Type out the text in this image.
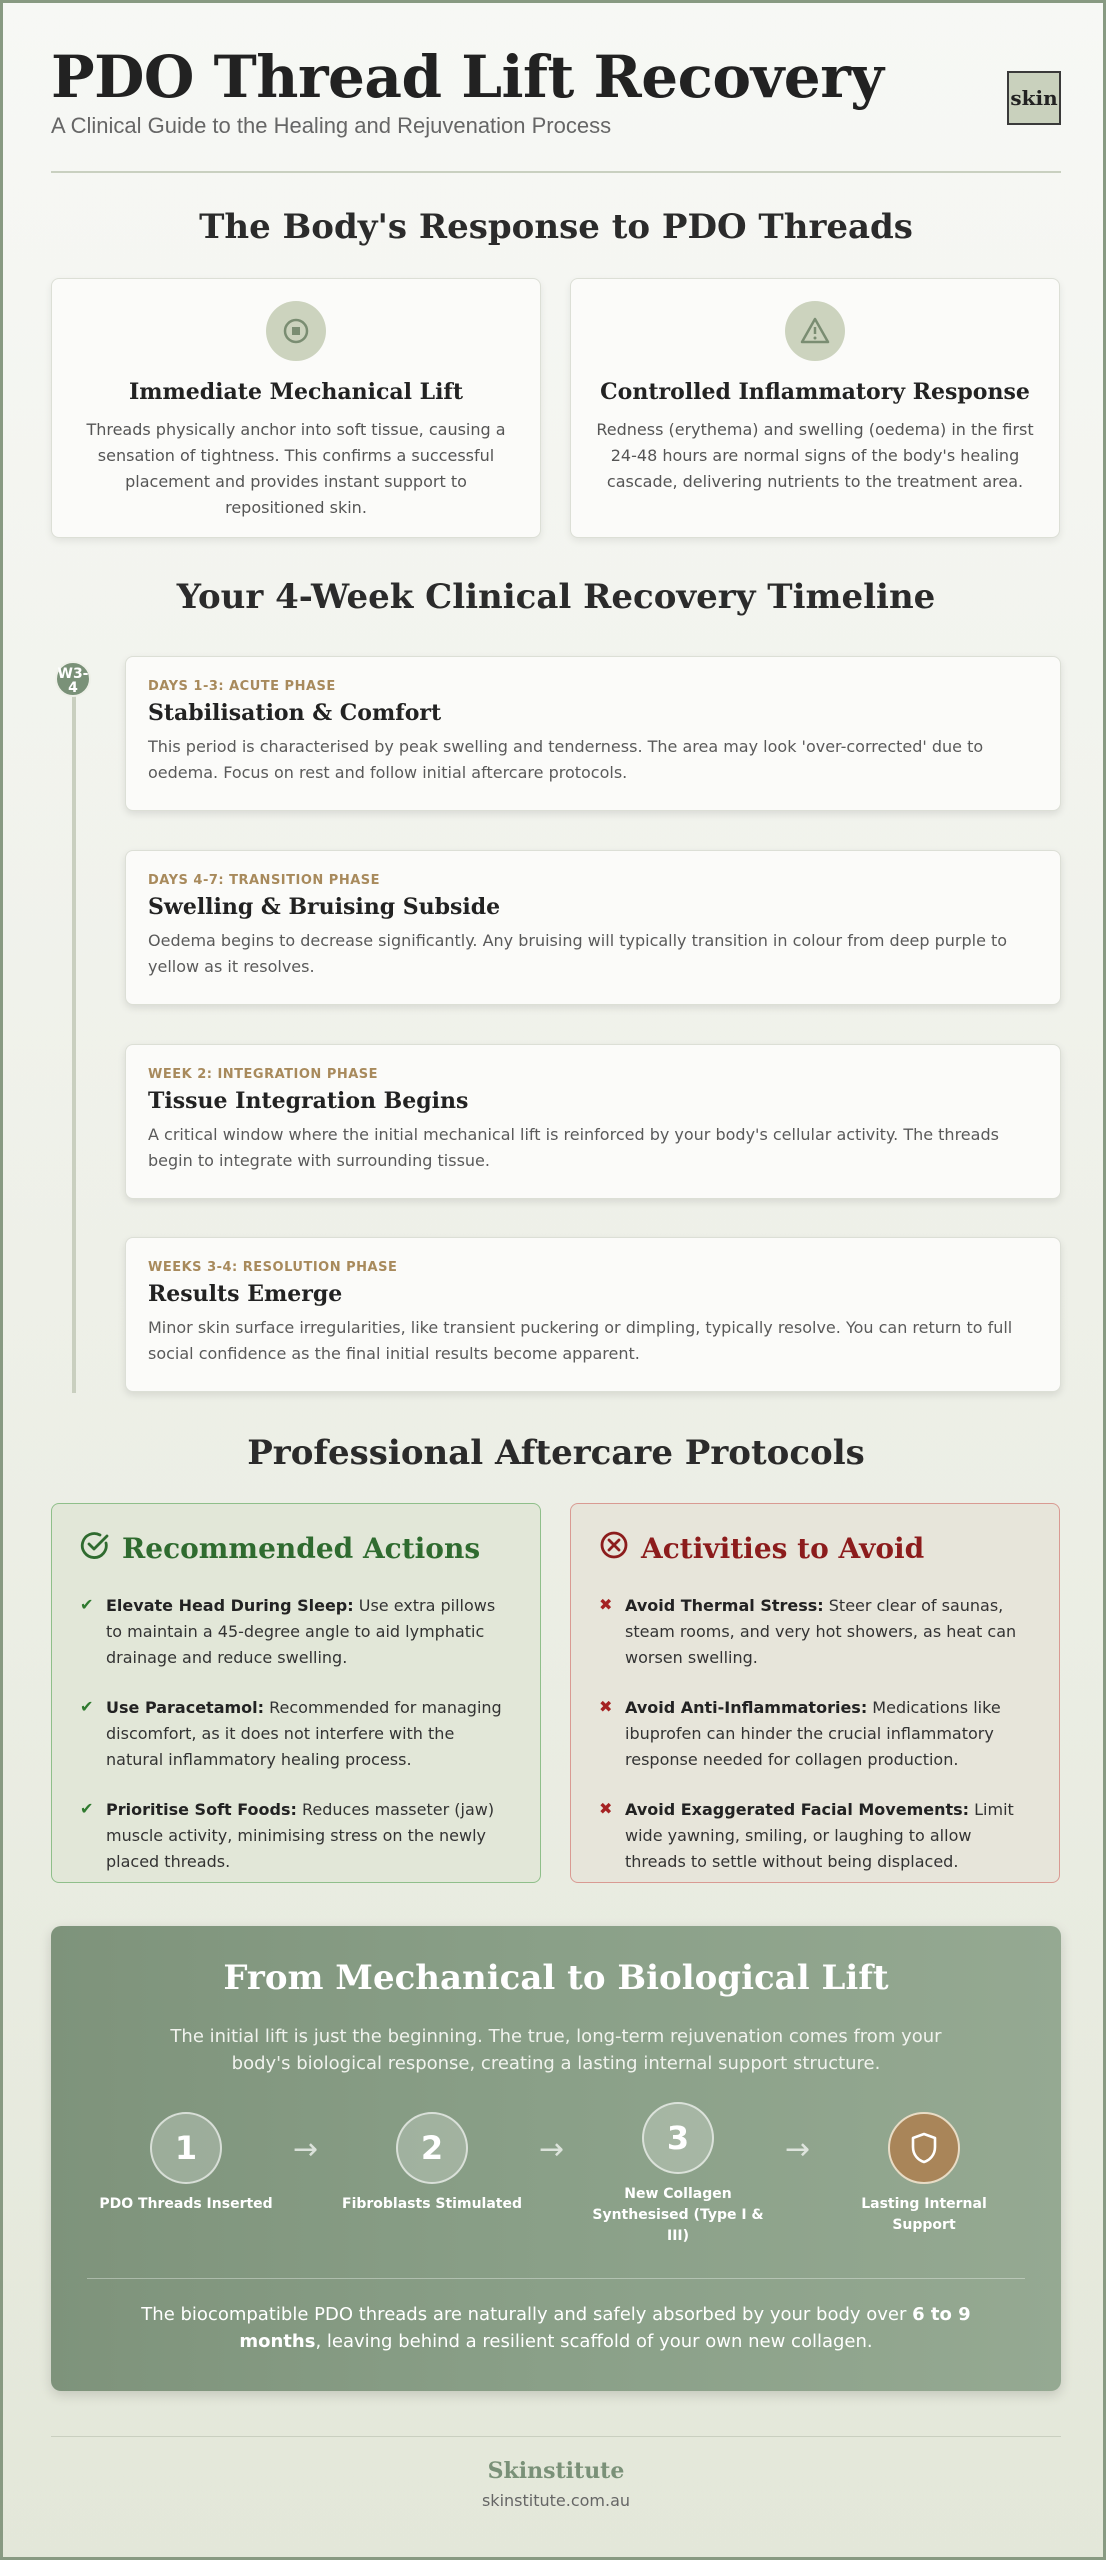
PDO Thread Lift Recovery
A Clinical Guide to the Healing and Rejuvenation Process
skin
The Body's Response to PDO Threads
Immediate Mechanical Lift

Threads physically anchor into soft tissue, causing a sensation of tightness. This confirms a successful placement and provides instant support to repositioned skin.

Controlled Inflammatory Response

Redness (erythema) and swelling (oedema) in the first 24-48 hours are normal signs of the body's healing cascade, delivering nutrients to the treatment area.

Your 4-Week Clinical Recovery Timeline
W3-4	DAYS 1-3: ACUTE PHASE
Stabilisation & Comfort
This period is characterised by peak swelling and tenderness. The area may look 'over-corrected' due to oedema. Focus on rest and follow initial aftercare protocols.
DAYS 4-7: TRANSITION PHASE
Swelling & Bruising Subside
Oedema begins to decrease significantly. Any bruising will typically transition in colour from deep purple to yellow as it resolves.
WEEK 2: INTEGRATION PHASE
Tissue Integration Begins
A critical window where the initial mechanical lift is reinforced by your body's cellular activity. The threads begin to integrate with surrounding tissue.
WEEKS 3-4: RESOLUTION PHASE
Results Emerge
Minor skin surface irregularities, like transient puckering or dimpling, typically resolve. You can return to full social confidence as the final initial results become apparent.
Professional Aftercare Protocols
Recommended Actions
✔ Elevate Head During Sleep: Use extra pillows to maintain a 45-degree angle to aid lymphatic drainage and reduce swelling.
✔ Use Paracetamol: Recommended for managing discomfort, as it does not interfere with the natural inflammatory healing process.
✔ Prioritise Soft Foods: Reduces masseter (jaw) muscle activity, minimising stress on the newly placed threads.
Activities to Avoid
✖ Avoid Thermal Stress: Steer clear of saunas, steam rooms, and very hot showers, as heat can worsen swelling.
✖ Avoid Anti-Inflammatories: Medications like ibuprofen can hinder the crucial inflammatory response needed for collagen production.
✖ Avoid Exaggerated Facial Movements: Limit wide yawning, smiling, or laughing to allow threads to settle without being displaced.
From Mechanical to Biological Lift
The initial lift is just the beginning. The true, long-term rejuvenation comes from your body's biological response, creating a lasting internal support structure.
1
PDO Threads Inserted
→	2
Fibroblasts Stimulated
→	3
New Collagen Synthesised (Type I & III)
→
Lasting Internal Support
The biocompatible PDO threads are naturally and safely absorbed by your body over 6 to 9 months, leaving behind a resilient scaffold of your own new collagen.
Skinstitute
skinstitute.com.au
